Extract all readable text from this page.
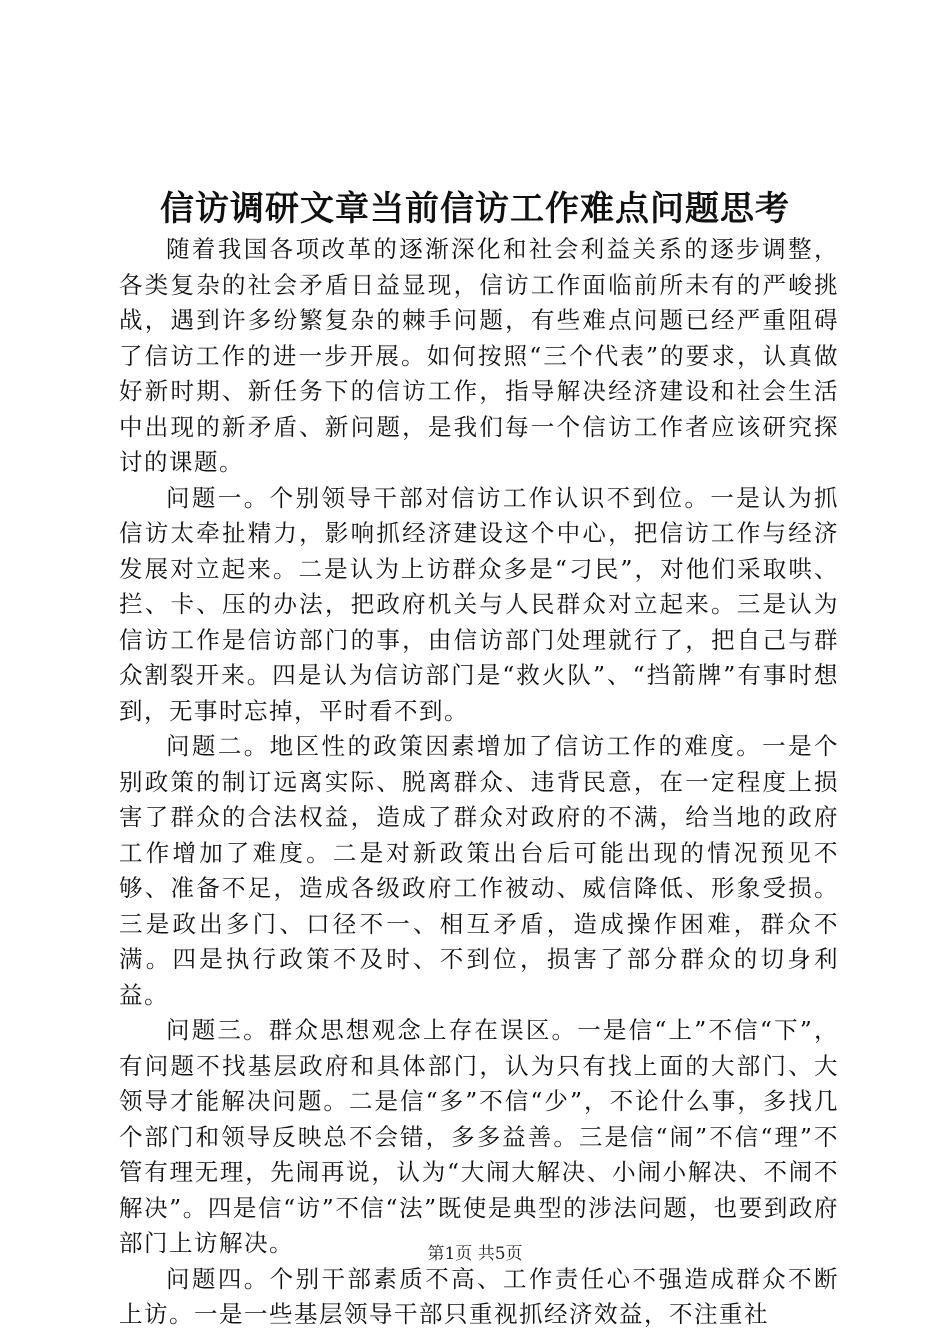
信访调研文章当前信访工作难点问题思考

随着我国各项改革的逐渐深化和社会利益关系的逐步调整，各类复杂的社会矛盾日益显现，信访工作面临前所未有的严峻挑战，遇到许多纷繁复杂的棘手问题，有些难点问题已经严重阻碍了信访工作的进一步开展。如何按照“三个代表”的要求，认真做好新时期、新任务下的信访工作，指导解决经济建设和社会生活中出现的新矛盾、新问题，是我们每一个信访工作者应该研究探讨的课题。

问题一。个别领导干部对信访工作认识不到位。一是认为抓信访太牵扯精力，影响抓经济建设这个中心，把信访工作与经济发展对立起来。二是认为上访群众多是“刁民”，对他们采取哄、拦、卡、压的办法，把政府机关与人民群众对立起来。三是认为信访工作是信访部门的事，由信访部门处理就行了，把自己与群众割裂开来。四是认为信访部门是“救火队”、“挡箭牌”有事时想到，无事时忘掉，平时看不到。

问题二。地区性的政策因素增加了信访工作的难度。一是个别政策的制订远离实际、脱离群众、违背民意，在一定程度上损害了群众的合法权益，造成了群众对政府的不满，给当地的政府工作增加了难度。二是对新政策出台后可能出现的情况预见不够、准备不足，造成各级政府工作被动、威信降低、形象受损。三是政出多门、口径不一、相互矛盾，造成操作困难，群众不满。四是执行政策不及时、不到位，损害了部分群众的切身利益。

问题三。群众思想观念上存在误区。一是信“上”不信“下”，有问题不找基层政府和具体部门，认为只有找上面的大部门、大领导才能解决问题。二是信“多”不信“少”，不论什么事，多找几个部门和领导反映总不会错，多多益善。三是信“闹”不信“理”不管有理无理，先闹再说，认为“大闹大解决、小闹小解决、不闹不解决”。四是信“访”不信“法”既使是典型的涉法问题，也要到政府部门上访解决。

问题四。个别干部素质不高、工作责任心不强造成群众不断上访。一是一些基层领导干部只重视抓经济效益，不注重社

第1页 共5页
